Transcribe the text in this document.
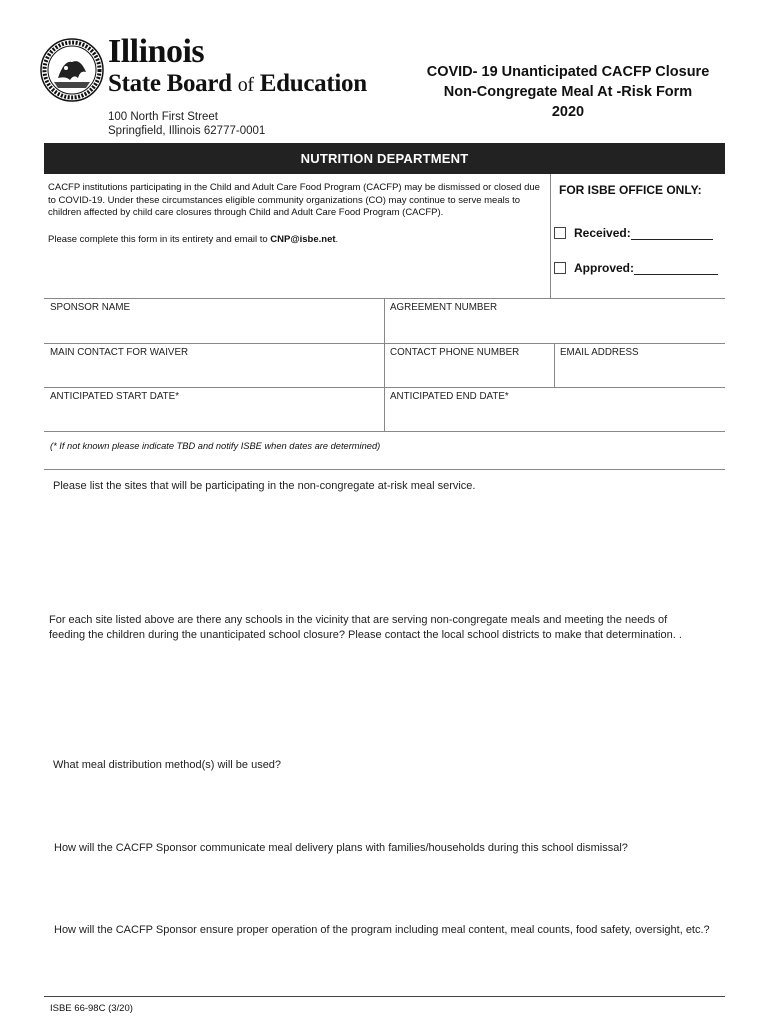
Illinois
State Board of Education
100 North First Street
Springfield, Illinois 62777-0001
COVID- 19 Unanticipated CACFP Closure
Non-Congregate Meal At -Risk Form
2020
NUTRITION DEPARTMENT
CACFP institutions participating in the Child and Adult Care Food Program (CACFP) may be dismissed or closed due to COVID-19. Under these circumstances eligible community organizations (CO) may continue to serve meals to children affected by child care closures through Child and Adult Care Food Program (CACFP).
Please complete this form in its entirety and email to CNP@isbe.net.
FOR ISBE OFFICE ONLY:
Received:
Approved:
SPONSOR NAME	AGREEMENT NUMBER
MAIN CONTACT FOR WAIVER	CONTACT PHONE NUMBER	EMAIL ADDRESS
ANTICIPATED START DATE*	ANTICIPATED END DATE*
(* If not known please indicate TBD and notify ISBE when dates are determined)
Please list the sites that will be participating in the non-congregate at-risk meal service.
For each site listed above are there any schools in the vicinity that are serving non-congregate meals and meeting the needs of
feeding the children during the unanticipated school closure? Please contact the local school districts to make that determination. .
What meal distribution method(s) will be used?
How will the CACFP Sponsor communicate meal delivery plans with families/households during this school dismissal?
How will the CACFP Sponsor ensure proper operation of the program including meal content, meal counts, food safety, oversight, etc.?
ISBE 66-98C (3/20)
